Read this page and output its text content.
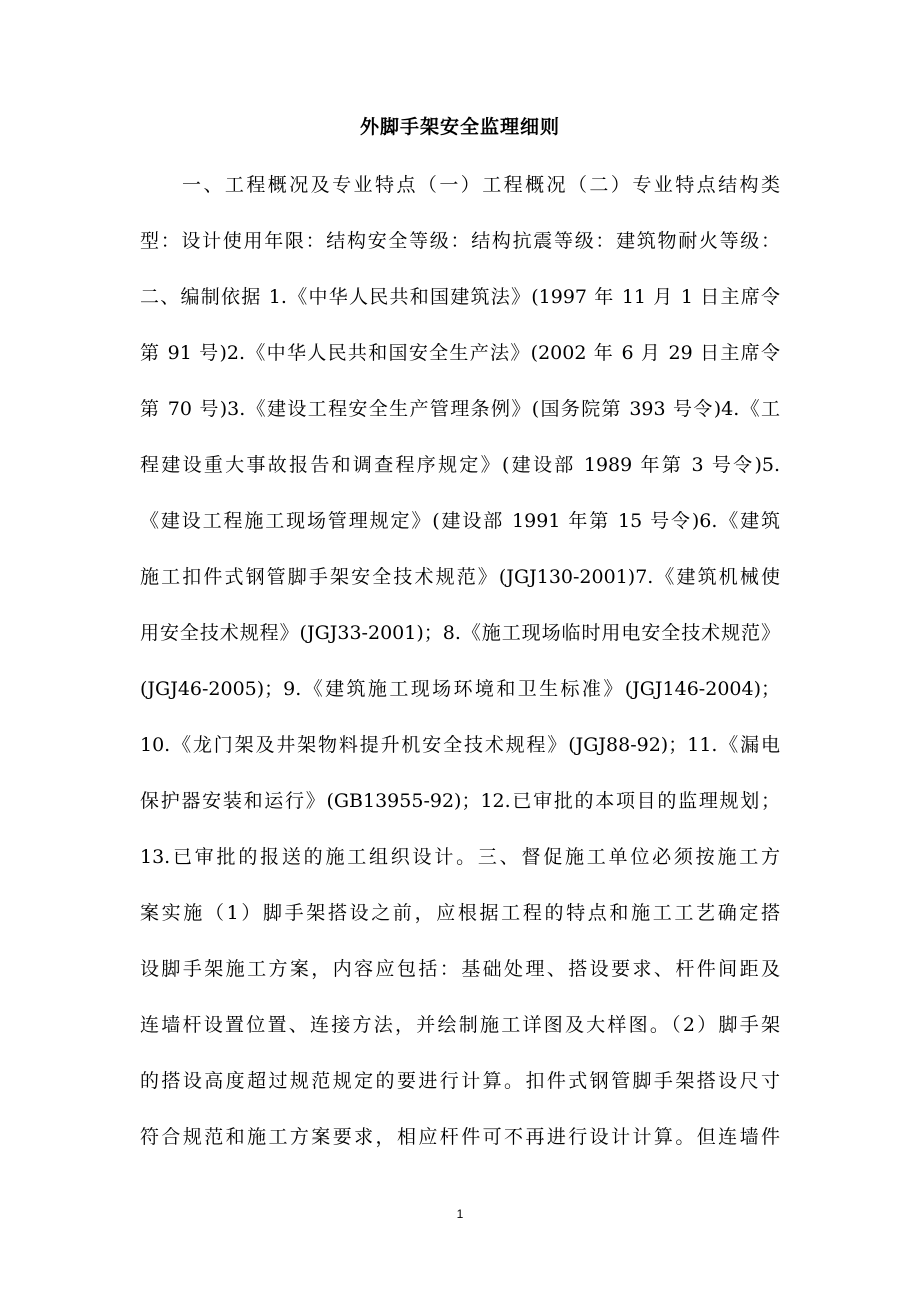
外脚手架安全监理细则
一、工程概况及专业特点（一）工程概况（二）专业特点结构类
型：设计使用年限：结构安全等级：结构抗震等级：建筑物耐火等级：
二、编制依据 1.《中华人民共和国建筑法》(1997 年 11 月 1 日主席令
第 91 号)2.《中华人民共和国安全生产法》(2002 年 6 月 29 日主席令
第 70 号)3.《建设工程安全生产管理条例》(国务院第 393 号令)4.《工
程建设重大事故报告和调查程序规定》(建设部 1989 年第 3 号令)5.
《建设工程施工现场管理规定》(建设部 1991 年第 15 号令)6.《建筑
施工扣件式钢管脚手架安全技术规范》(JGJ130-2001)7.《建筑机械使
用安全技术规程》(JGJ33-2001)；8.《施工现场临时用电安全技术规范》
(JGJ46-2005)；9.《建筑施工现场环境和卫生标准》(JGJ146-2004)；
10.《龙门架及井架物料提升机安全技术规程》(JGJ88-92)；11.《漏电
保护器安装和运行》(GB13955-92)；12.已审批的本项目的监理规划；
13.已审批的报送的施工组织设计。三、督促施工单位必须按施工方
案实施（1）脚手架搭设之前，应根据工程的特点和施工工艺确定搭
设脚手架施工方案，内容应包括：基础处理、搭设要求、杆件间距及
连墙杆设置位置、连接方法，并绘制施工详图及大样图。（2）脚手架
的搭设高度超过规范规定的要进行计算。扣件式钢管脚手架搭设尺寸
符合规范和施工方案要求，相应杆件可不再进行设计计算。但连墙件
1
